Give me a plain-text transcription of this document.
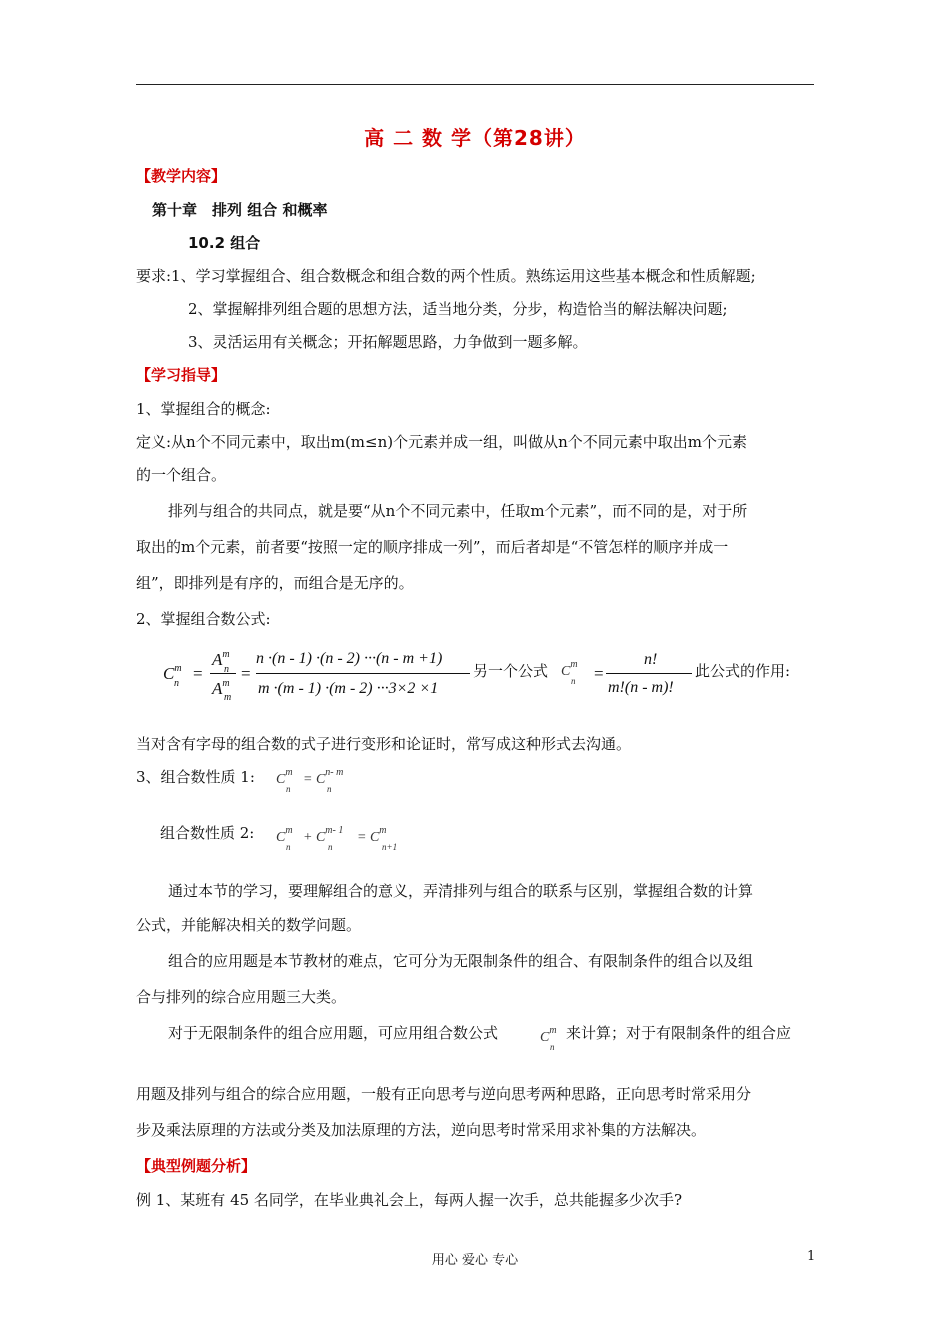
高 二 数 学（第28讲）
【教学内容】
第十章　排列 组合 和概率
10.2 组合
要求:1、学习掌握组合、组合数概念和组合数的两个性质。熟练运用这些基本概念和性质解题;
2、掌握解排列组合题的思想方法，适当地分类，分步，构造恰当的解法解决问题;
3、灵活运用有关概念；开拓解题思路，力争做到一题多解。
【学习指导】
1、掌握组合的概念:
定义:从n个不同元素中，取出m(m≤n)个元素并成一组，叫做从n个不同元素中取出m个元素
的一个组合。
排列与组合的共同点，就是要“从n个不同元素中，任取m个元素”，而不同的是，对于所
取出的m个元素，前者要“按照一定的顺序排成一列”，而后者却是“不管怎样的顺序并成一
组”，即排列是有序的，而组合是无序的。
2、掌握组合数公式:
$C^m$
n
=
$A^m$
n
$A^m$
m
=
n ·(n - 1) ·(n - 2) ···(n - m +1)
m ·(m - 1) ·(m - 2) ···3×2 ×1
另一个公式 $C^m$
n =
n!
m!(n - m)!
此公式的作用:
当对含有字母的组合数的式子进行变形和论证时，常写成这种形式去沟通。
3、组合数性质 1: $C^m$
n
= $C^{n- m}$
n
组合数性质 2: $C^m$
n
+ $C^{m- 1}$
n
= $C^m$
n+1
通过本节的学习，要理解组合的意义，弄清排列与组合的联系与区别，掌握组合数的计算
公式，并能解决相关的数学问题。
组合的应用题是本节教材的难点，它可分为无限制条件的组合、有限制条件的组合以及组
合与排列的综合应用题三大类。
对于无限制条件的组合应用题，可应用组合数公式	$C^m$
n
来计算；对于有限制条件的组合应
用题及排列与组合的综合应用题，一般有正向思考与逆向思考两种思路，正向思考时常采用分
步及乘法原理的方法或分类及加法原理的方法，逆向思考时常采用求补集的方法解决。
【典型例题分析】
例 1、某班有 45 名同学，在毕业典礼会上，每两人握一次手，总共能握多少次手?
用心 爱心 专心	1
